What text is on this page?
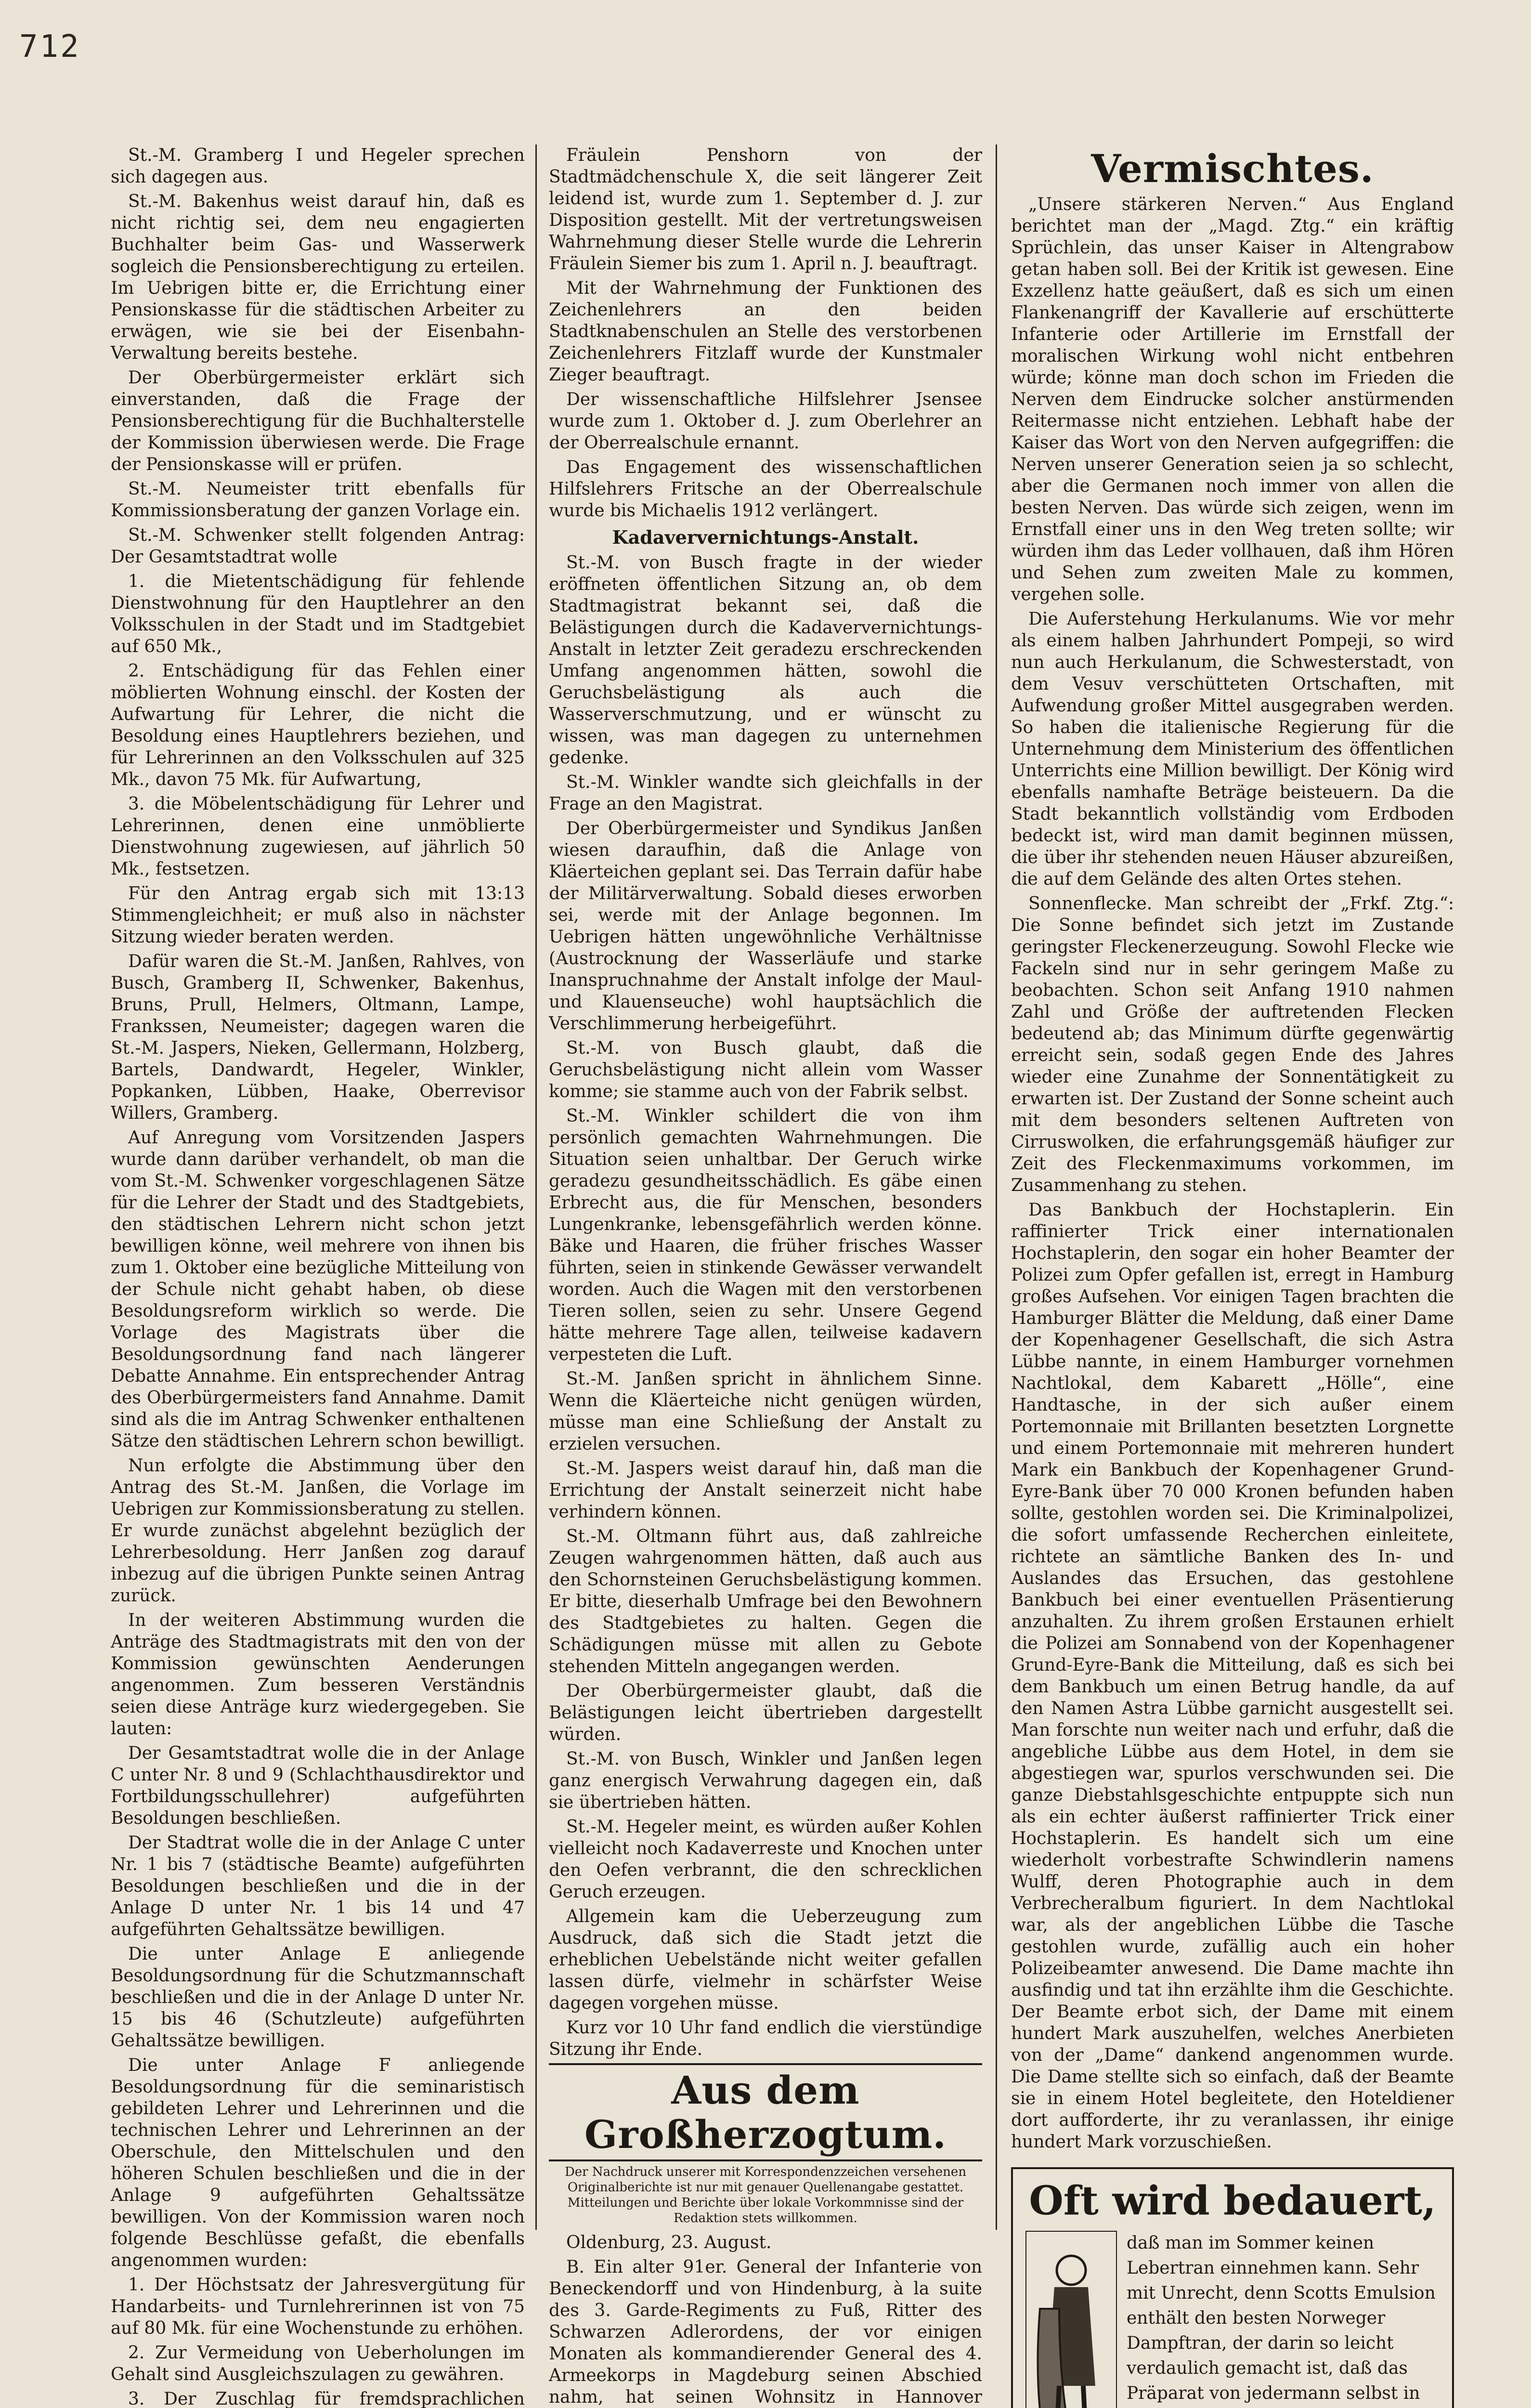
712

St.-M. Gramberg I und Hegeler sprechen sich dagegen aus.

St.-M. Bakenhus weist darauf hin, daß es nicht richtig sei, dem neu engagierten Buchhalter beim Gas- und Wasserwerk sogleich die Pensionsberechtigung zu erteilen. Im Uebrigen bitte er, die Errichtung einer Pensionskasse für die städtischen Arbeiter zu erwägen, wie sie bei der Eisenbahn-Verwaltung bereits bestehe.

Der Oberbürgermeister erklärt sich einverstanden, daß die Frage der Pensionsberechtigung für die Buchhalterstelle der Kommission überwiesen werde. Die Frage der Pensionskasse will er prüfen.

St.-M. Neumeister tritt ebenfalls für Kommissionsberatung der ganzen Vorlage ein.

St.-M. Schwenker stellt folgenden Antrag: Der Gesamtstadtrat wolle

1. die Mietentschädigung für fehlende Dienstwohnung für den Hauptlehrer an den Volksschulen in der Stadt und im Stadtgebiet auf 650 Mk.,

2. Entschädigung für das Fehlen einer möblierten Wohnung einschl. der Kosten der Aufwartung für Lehrer, die nicht die Besoldung eines Hauptlehrers beziehen, und für Lehrerinnen an den Volksschulen auf 325 Mk., davon 75 Mk. für Aufwartung,

3. die Möbelentschädigung für Lehrer und Lehrerinnen, denen eine unmöblierte Dienstwohnung zugewiesen, auf jährlich 50 Mk., festsetzen.

Für den Antrag ergab sich mit 13:13 Stimmengleichheit; er muß also in nächster Sitzung wieder beraten werden.

Dafür waren die St.-M. Janßen, Rahlves, von Busch, Gramberg II, Schwenker, Bakenhus, Bruns, Prull, Helmers, Oltmann, Lampe, Frankssen, Neumeister; dagegen waren die St.-M. Jaspers, Nieken, Gellermann, Holzberg, Bartels, Dandwardt, Hegeler, Winkler, Popkanken, Lübben, Haake, Oberrevisor Willers, Gramberg.

Auf Anregung vom Vorsitzenden Jaspers wurde dann darüber verhandelt, ob man die vom St.-M. Schwenker vorgeschlagenen Sätze für die Lehrer der Stadt und des Stadtgebiets, den städtischen Lehrern nicht schon jetzt bewilligen könne, weil mehrere von ihnen bis zum 1. Oktober eine bezügliche Mitteilung von der Schule nicht gehabt haben, ob diese Besoldungsreform wirklich so werde. Die Vorlage des Magistrats über die Besoldungsordnung fand nach längerer Debatte Annahme. Ein entsprechender Antrag des Oberbürgermeisters fand Annahme. Damit sind als die im Antrag Schwenker enthaltenen Sätze den städtischen Lehrern schon bewilligt.

Nun erfolgte die Abstimmung über den Antrag des St.-M. Janßen, die Vorlage im Uebrigen zur Kommissionsberatung zu stellen. Er wurde zunächst abgelehnt bezüglich der Lehrerbesoldung. Herr Janßen zog darauf inbezug auf die übrigen Punkte seinen Antrag zurück.

In der weiteren Abstimmung wurden die Anträge des Stadtmagistrats mit den von der Kommission gewünschten Aenderungen angenommen. Zum besseren Verständnis seien diese Anträge kurz wiedergegeben. Sie lauten:

Der Gesamtstadtrat wolle die in der Anlage C unter Nr. 8 und 9 (Schlachthausdirektor und Fortbildungsschullehrer) aufgeführten Besoldungen beschließen.

Der Stadtrat wolle die in der Anlage C unter Nr. 1 bis 7 (städtische Beamte) aufgeführten Besoldungen beschließen und die in der Anlage D unter Nr. 1 bis 14 und 47 aufgeführten Gehaltssätze bewilligen.

Die unter Anlage E anliegende Besoldungsordnung für die Schutzmannschaft beschließen und die in der Anlage D unter Nr. 15 bis 46 (Schutzleute) aufgeführten Gehaltssätze bewilligen.

Die unter Anlage F anliegende Besoldungsordnung für die seminaristisch gebildeten Lehrer und Lehrerinnen und die technischen Lehrer und Lehrerinnen an der Oberschule, den Mittelschulen und den höheren Schulen beschließen und die in der Anlage 9 aufgeführten Gehaltssätze bewilligen. Von der Kommission waren noch folgende Beschlüsse gefaßt, die ebenfalls angenommen wurden:

1. Der Höchstsatz der Jahresvergütung für Handarbeits- und Turnlehrerinnen ist von 75 auf 80 Mk. für eine Wochenstunde zu erhöhen.

2. Zur Vermeidung von Ueberholungen im Gehalt sind Ausgleichszulagen zu gewähren.

3. Der Zuschlag für fremdsprachlichen

Fräulein Penshorn von der Stadtmädchenschule X, die seit längerer Zeit leidend ist, wurde zum 1. September d. J. zur Disposition gestellt. Mit der vertretungsweisen Wahrnehmung dieser Stelle wurde die Lehrerin Fräulein Siemer bis zum 1. April n. J. beauftragt.

Mit der Wahrnehmung der Funktionen des Zeichenlehrers an den beiden Stadtknabenschulen an Stelle des verstorbenen Zeichenlehrers Fitzlaff wurde der Kunstmaler Zieger beauftragt.

Der wissenschaftliche Hilfslehrer Jsensee wurde zum 1. Oktober d. J. zum Oberlehrer an der Oberrealschule ernannt.

Das Engagement des wissenschaftlichen Hilfslehrers Fritsche an der Oberrealschule wurde bis Michaelis 1912 verlängert.

Kadaververnichtungs-Anstalt.

St.-M. von Busch fragte in der wieder eröffneten öffentlichen Sitzung an, ob dem Stadtmagistrat bekannt sei, daß die Belästigungen durch die Kadaververnichtungs-Anstalt in letzter Zeit geradezu erschreckenden Umfang angenommen hätten, sowohl die Geruchsbelästigung als auch die Wasserverschmutzung, und er wünscht zu wissen, was man dagegen zu unternehmen gedenke.

St.-M. Winkler wandte sich gleichfalls in der Frage an den Magistrat.

Der Oberbürgermeister und Syndikus Janßen wiesen daraufhin, daß die Anlage von Kläerteichen geplant sei. Das Terrain dafür habe der Militärverwaltung. Sobald dieses erworben sei, werde mit der Anlage begonnen. Im Uebrigen hätten ungewöhnliche Verhältnisse (Austrocknung der Wasserläufe und starke Inanspruchnahme der Anstalt infolge der Maul- und Klauenseuche) wohl hauptsächlich die Verschlimmerung herbeigeführt.

St.-M. von Busch glaubt, daß die Geruchsbelästigung nicht allein vom Wasser komme; sie stamme auch von der Fabrik selbst.

St.-M. Winkler schildert die von ihm persönlich gemachten Wahrnehmungen. Die Situation seien unhaltbar. Der Geruch wirke geradezu gesundheitsschädlich. Es gäbe einen Erbrecht aus, die für Menschen, besonders Lungenkranke, lebensgefährlich werden könne. Bäke und Haaren, die früher frisches Wasser führten, seien in stinkende Gewässer verwandelt worden. Auch die Wagen mit den verstorbenen Tieren sollen, seien zu sehr. Unsere Gegend hätte mehrere Tage allen, teilweise kadavern verpesteten die Luft.

St.-M. Janßen spricht in ähnlichem Sinne. Wenn die Kläerteiche nicht genügen würden, müsse man eine Schließung der Anstalt zu erzielen versuchen.

St.-M. Jaspers weist darauf hin, daß man die Errichtung der Anstalt seinerzeit nicht habe verhindern können.

St.-M. Oltmann führt aus, daß zahlreiche Zeugen wahrgenommen hätten, daß auch aus den Schornsteinen Geruchsbelästigung kommen. Er bitte, dieserhalb Umfrage bei den Bewohnern des Stadtgebietes zu halten. Gegen die Schädigungen müsse mit allen zu Gebote stehenden Mitteln angegangen werden.

Der Oberbürgermeister glaubt, daß die Belästigungen leicht übertrieben dargestellt würden.

St.-M. von Busch, Winkler und Janßen legen ganz energisch Verwahrung dagegen ein, daß sie übertrieben hätten.

St.-M. Hegeler meint, es würden außer Kohlen vielleicht noch Kadaverreste und Knochen unter den Oefen verbrannt, die den schrecklichen Geruch erzeugen.

Allgemein kam die Ueberzeugung zum Ausdruck, daß sich die Stadt jetzt die erheblichen Uebelstände nicht weiter gefallen lassen dürfe, vielmehr in schärfster Weise dagegen vorgehen müsse.

Kurz vor 10 Uhr fand endlich die vierstündige Sitzung ihr Ende.

Aus dem Großherzogtum.
Der Nachdruck unserer mit Korrespondenzzeichen versehenen Originalberichte ist nur mit genauer Quellenangabe gestattet. Mitteilungen und Berichte über lokale Vorkommnisse sind der Redaktion stets willkommen.

Oldenburg, 23. August.

B. Ein alter 91er. General der Infanterie von Beneckendorff und von Hindenburg, à la suite des 3. Garde-Regiments zu Fuß, Ritter des Schwarzen Adlerordens, der vor einigen Monaten als kommandierender General des 4. Armeekorps in Magdeburg seinen Abschied nahm, hat seinen Wohnsitz in Hannover

Vermischtes.

„Unsere stärkeren Nerven.“ Aus England berichtet man der „Magd. Ztg.“ ein kräftig Sprüchlein, das unser Kaiser in Altengrabow getan haben soll. Bei der Kritik ist gewesen. Eine Exzellenz hatte geäußert, daß es sich um einen Flankenangriff der Kavallerie auf erschütterte Infanterie oder Artillerie im Ernstfall der moralischen Wirkung wohl nicht entbehren würde; könne man doch schon im Frieden die Nerven dem Eindrucke solcher anstürmenden Reitermasse nicht entziehen. Lebhaft habe der Kaiser das Wort von den Nerven aufgegriffen: die Nerven unserer Generation seien ja so schlecht, aber die Germanen noch immer von allen die besten Nerven. Das würde sich zeigen, wenn im Ernstfall einer uns in den Weg treten sollte; wir würden ihm das Leder vollhauen, daß ihm Hören und Sehen zum zweiten Male zu kommen, vergehen solle.

Die Auferstehung Herkulanums. Wie vor mehr als einem halben Jahrhundert Pompeji, so wird nun auch Herkulanum, die Schwesterstadt, von dem Vesuv verschütteten Ortschaften, mit Aufwendung großer Mittel ausgegraben werden. So haben die italienische Regierung für die Unternehmung dem Ministerium des öffentlichen Unterrichts eine Million bewilligt. Der König wird ebenfalls namhafte Beträge beisteuern. Da die Stadt bekanntlich vollständig vom Erdboden bedeckt ist, wird man damit beginnen müssen, die über ihr stehenden neuen Häuser abzureißen, die auf dem Gelände des alten Ortes stehen.

Sonnenflecke. Man schreibt der „Frkf. Ztg.“: Die Sonne befindet sich jetzt im Zustande geringster Fleckenerzeugung. Sowohl Flecke wie Fackeln sind nur in sehr geringem Maße zu beobachten. Schon seit Anfang 1910 nahmen Zahl und Größe der auftretenden Flecken bedeutend ab; das Minimum dürfte gegenwärtig erreicht sein, sodaß gegen Ende des Jahres wieder eine Zunahme der Sonnentätigkeit zu erwarten ist. Der Zustand der Sonne scheint auch mit dem besonders seltenen Auftreten von Cirruswolken, die erfahrungsgemäß häufiger zur Zeit des Fleckenmaximums vorkommen, im Zusammenhang zu stehen.

Das Bankbuch der Hochstaplerin. Ein raffinierter Trick einer internationalen Hochstaplerin, den sogar ein hoher Beamter der Polizei zum Opfer gefallen ist, erregt in Hamburg großes Aufsehen. Vor einigen Tagen brachten die Hamburger Blätter die Meldung, daß einer Dame der Kopenhagener Gesellschaft, die sich Astra Lübbe nannte, in einem Hamburger vornehmen Nachtlokal, dem Kabarett „Hölle“, eine Handtasche, in der sich außer einem Portemonnaie mit Brillanten besetzten Lorgnette und einem Portemonnaie mit mehreren hundert Mark ein Bankbuch der Kopenhagener Grund-Eyre-Bank über 70 000 Kronen befunden haben sollte, gestohlen worden sei. Die Kriminalpolizei, die sofort umfassende Recherchen einleitete, richtete an sämtliche Banken des In- und Auslandes das Ersuchen, das gestohlene Bankbuch bei einer eventuellen Präsentierung anzuhalten. Zu ihrem großen Erstaunen erhielt die Polizei am Sonnabend von der Kopenhagener Grund-Eyre-Bank die Mitteilung, daß es sich bei dem Bankbuch um einen Betrug handle, da auf den Namen Astra Lübbe garnicht ausgestellt sei. Man forschte nun weiter nach und erfuhr, daß die angebliche Lübbe aus dem Hotel, in dem sie abgestiegen war, spurlos verschwunden sei. Die ganze Diebstahlsgeschichte entpuppte sich nun als ein echter äußerst raffinierter Trick einer Hochstaplerin. Es handelt sich um eine wiederholt vorbestrafte Schwindlerin namens Wulff, deren Photographie auch in dem Verbrecheralbum figuriert. In dem Nachtlokal war, als der angeblichen Lübbe die Tasche gestohlen wurde, zufällig auch ein hoher Polizeibeamter anwesend. Die Dame machte ihn ausfindig und tat ihn erzählte ihm die Geschichte. Der Beamte erbot sich, der Dame mit einem hundert Mark auszuhelfen, welches Anerbieten von der „Dame“ dankend angenommen wurde. Die Dame stellte sich so einfach, daß der Beamte sie in einem Hotel begleitete, den Hoteldiener dort aufforderte, ihr zu veranlassen, ihr einige hundert Mark vorzuschießen.

Oft wird bedauert,
daß man im Sommer keinen Lebertran einnehmen kann. Sehr mit Unrecht, denn Scotts Emulsion enthält den besten Norweger Dampftran, der darin so leicht verdaulich gemacht ist, daß das Präparat von jedermann selbst in
